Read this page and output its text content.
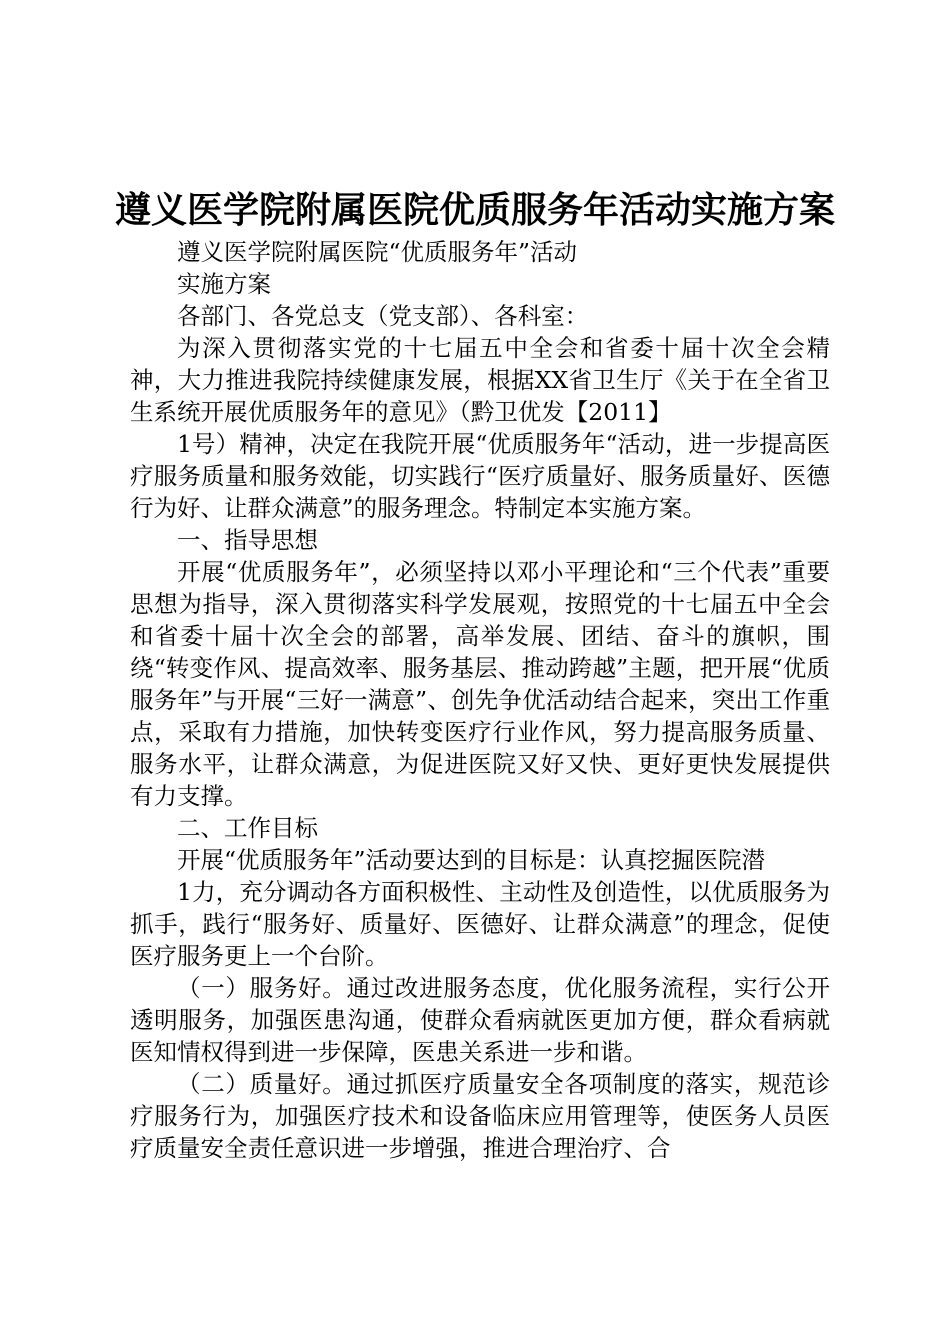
遵义医学院附属医院优质服务年活动实施方案

遵义医学院附属医院“优质服务年”活动

实施方案

各部门、各党总支（党支部）、各科室：

为深入贯彻落实党的十七届五中全会和省委十届十次全会精神，大力推进我院持续健康发展，根据XX省卫生厅《关于在全省卫生系统开展优质服务年的意见》（黔卫优发【2011】

1号）精神，决定在我院开展“优质服务年“活动，进一步提高医疗服务质量和服务效能，切实践行“医疗质量好、服务质量好、医德行为好、让群众满意”的服务理念。特制定本实施方案。

一、指导思想

开展“优质服务年”，必须坚持以邓小平理论和“三个代表”重要思想为指导，深入贯彻落实科学发展观，按照党的十七届五中全会和省委十届十次全会的部署，高举发展、团结、奋斗的旗帜，围绕“转变作风、提高效率、服务基层、推动跨越”主题，把开展“优质服务年”与开展“三好一满意”、创先争优活动结合起来，突出工作重点，采取有力措施，加快转变医疗行业作风，努力提高服务质量、服务水平，让群众满意，为促进医院又好又快、更好更快发展提供有力支撑。

二、工作目标

开展“优质服务年”活动要达到的目标是：认真挖掘医院潜

1力，充分调动各方面积极性、主动性及创造性，以优质服务为抓手，践行“服务好、质量好、医德好、让群众满意”的理念，促使医疗服务更上一个台阶。

（一）服务好。通过改进服务态度，优化服务流程，实行公开透明服务，加强医患沟通，使群众看病就医更加方便，群众看病就医知情权得到进一步保障，医患关系进一步和谐。

（二）质量好。通过抓医疗质量安全各项制度的落实，规范诊疗服务行为，加强医疗技术和设备临床应用管理等，使医务人员医疗质量安全责任意识进一步增强，推进合理治疗、合
